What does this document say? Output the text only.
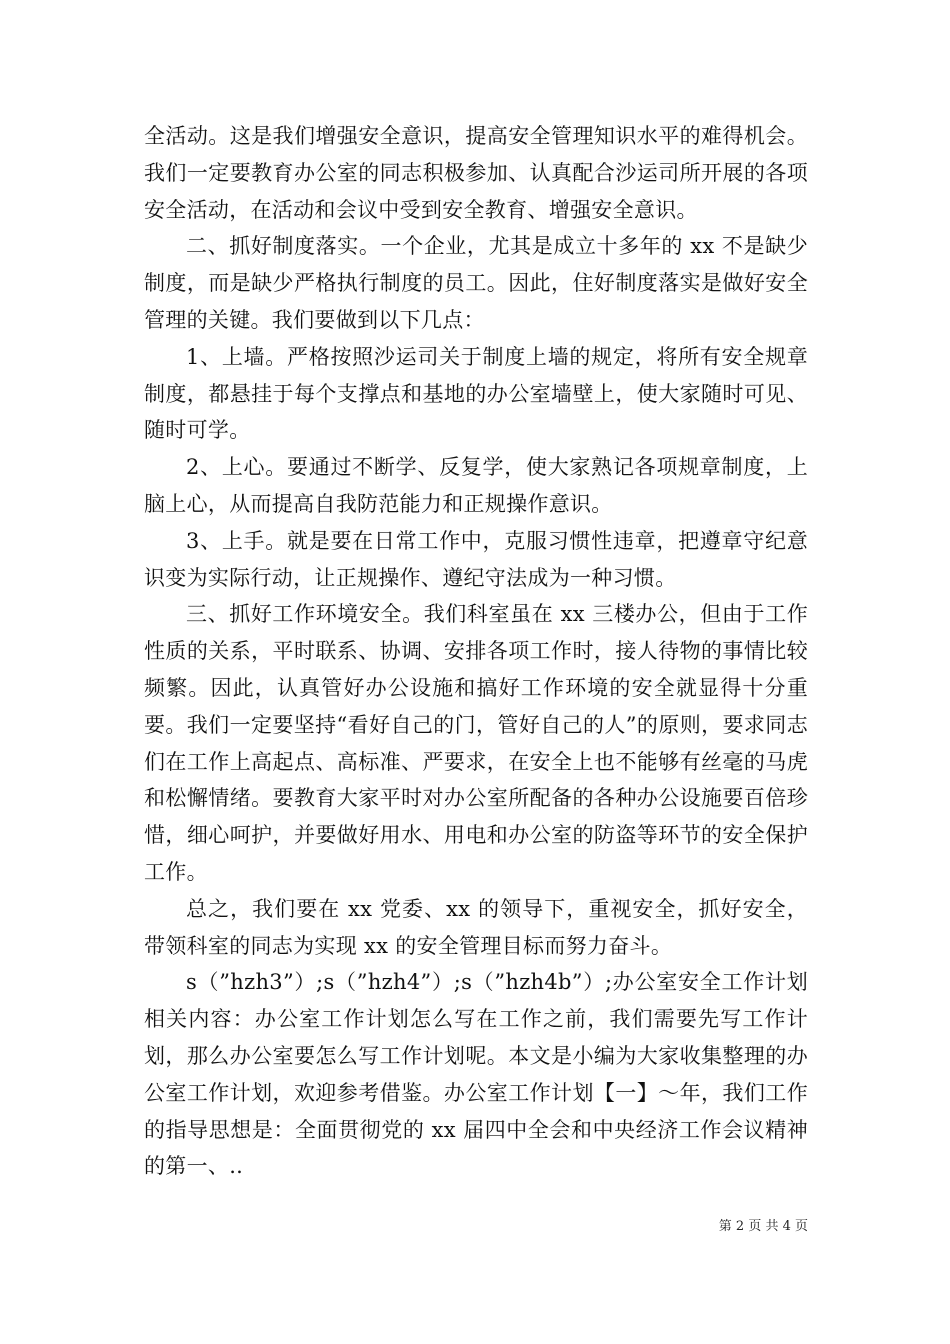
全活动。这是我们增强安全意识，提高安全管理知识水平的难得机会。我们一定要教育办公室的同志积极参加、认真配合沙运司所开展的各项安全活动，在活动和会议中受到安全教育、增强安全意识。

二、抓好制度落实。一个企业，尤其是成立十多年的 xx 不是缺少制度，而是缺少严格执行制度的员工。因此，住好制度落实是做好安全管理的关键。我们要做到以下几点：

1、上墙。严格按照沙运司关于制度上墙的规定，将所有安全规章制度，都悬挂于每个支撑点和基地的办公室墙壁上，使大家随时可见、随时可学。

2、上心。要通过不断学、反复学，使大家熟记各项规章制度，上脑上心，从而提高自我防范能力和正规操作意识。

3、上手。就是要在日常工作中，克服习惯性违章，把遵章守纪意识变为实际行动，让正规操作、遵纪守法成为一种习惯。

三、抓好工作环境安全。我们科室虽在 xx 三楼办公，但由于工作性质的关系，平时联系、协调、安排各项工作时，接人待物的事情比较频繁。因此，认真管好办公设施和搞好工作环境的安全就显得十分重要。我们一定要坚持“看好自己的门，管好自己的人”的原则，要求同志们在工作上高起点、高标准、严要求，在安全上也不能够有丝毫的马虎和松懈情绪。要教育大家平时对办公室所配备的各种办公设施要百倍珍惜，细心呵护，并要做好用水、用电和办公室的防盗等环节的安全保护工作。

总之，我们要在 xx 党委、xx 的领导下，重视安全，抓好安全，带领科室的同志为实现 xx 的安全管理目标而努力奋斗。

s（”hzh3”）;s（”hzh4”）;s（”hzh4b”）;办公室安全工作计划相关内容：办公室工作计划怎么写在工作之前，我们需要先写工作计划，那么办公室要怎么写工作计划呢。本文是小编为大家收集整理的办公室工作计划，欢迎参考借鉴。办公室工作计划【一】～年，我们工作的指导思想是：全面贯彻党的 xx 届四中全会和中央经济工作会议精神的第一、..

第 2 页 共 4 页
